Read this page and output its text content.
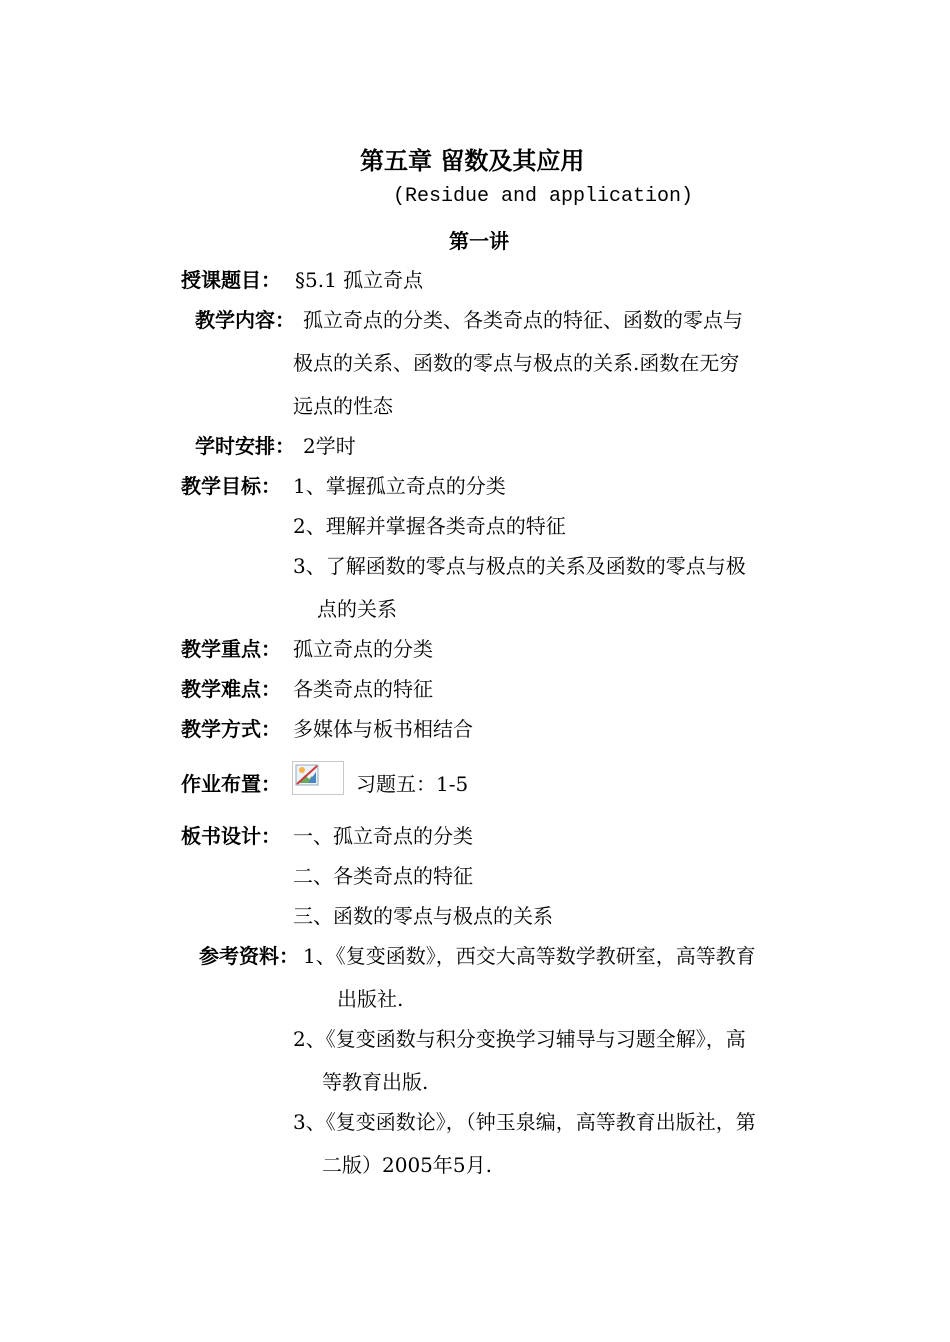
第五章 留数及其应用
(Residue and application)
第一讲
授课题目： §5.1 孤立奇点
教学内容： 孤立奇点的分类、各类奇点的特征、函数的零点与
极点的关系、函数的零点与极点的关系.函数在无穷
远点的性态
学时安排： 2学时
教学目标： 1、掌握孤立奇点的分类
2、理解并掌握各类奇点的特征
3、了解函数的零点与极点的关系及函数的零点与极
点的关系
教学重点： 孤立奇点的分类
教学难点： 各类奇点的特征
教学方式： 多媒体与板书相结合
作业布置：	习题五：1-5
板书设计： 一、孤立奇点的分类
二、各类奇点的特征
三、函数的零点与极点的关系
参考资料： 1、《复变函数》，西交大高等数学教研室，高等教育
出版社.
2、《复变函数与积分变换学习辅导与习题全解》，高
等教育出版.
3、《复变函数论》，（钟玉泉编，高等教育出版社，第
二版）2005年5月.
